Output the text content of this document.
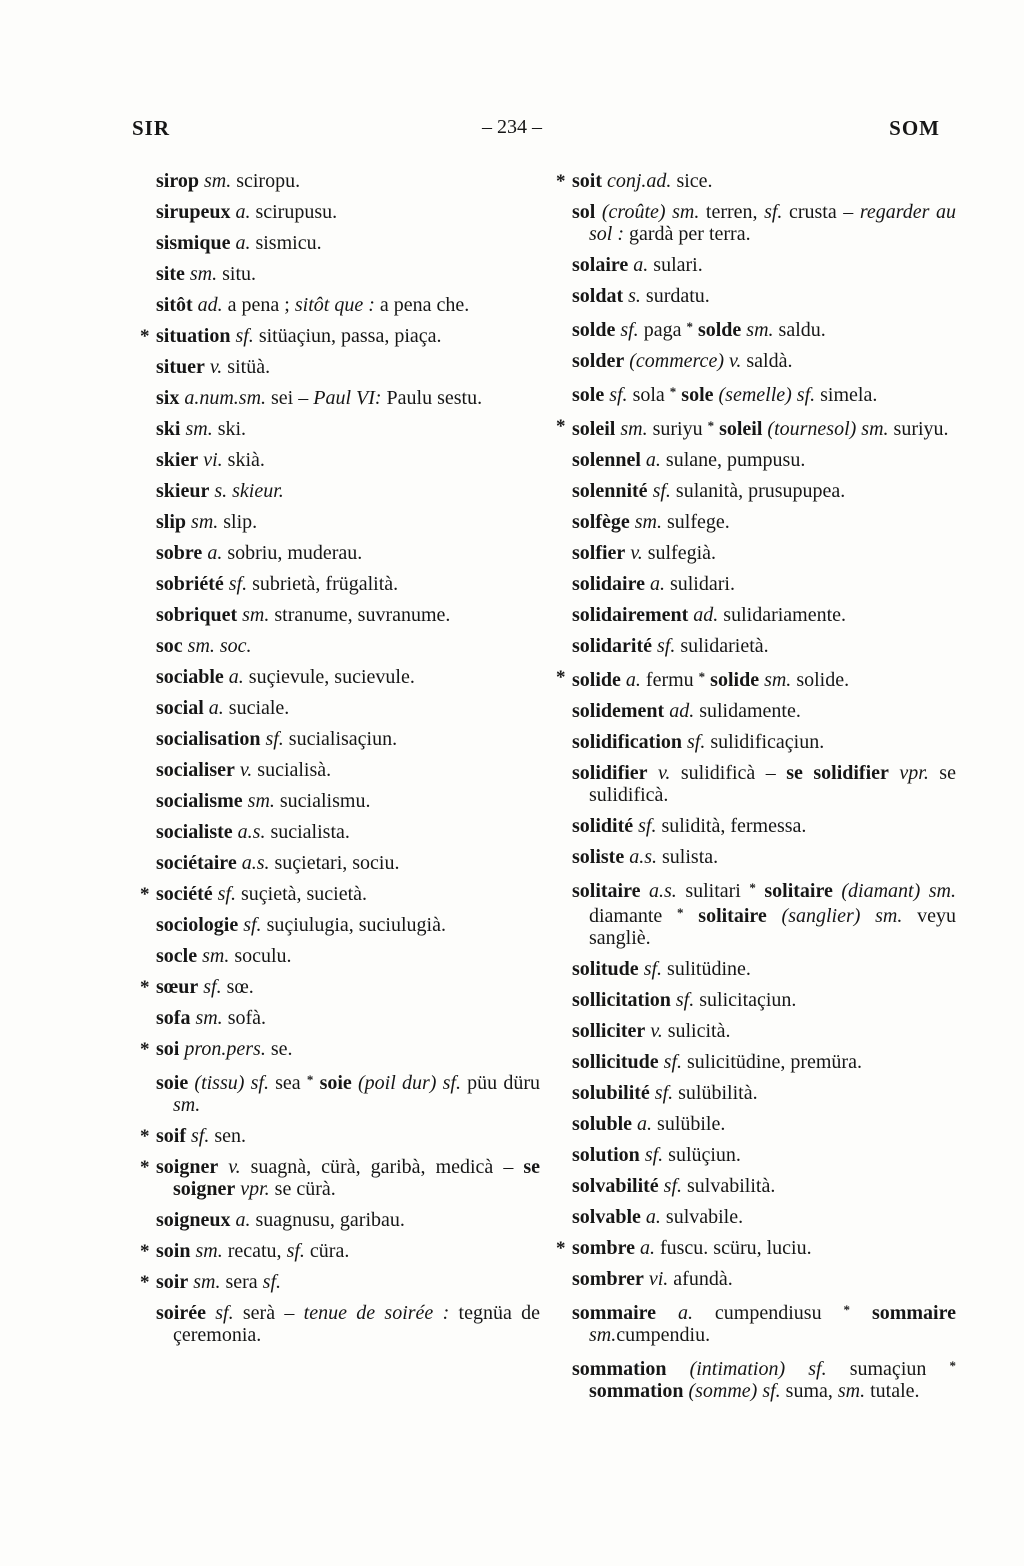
SIR	– 234 –	SOM

sirop sm. sciropu.

sirupeux a. scirupusu.

sismique a. sismicu.

site sm. situ.

sitôt ad. a pena ; sitôt que : a pena che.

* situation sf. sitüaçiun, passa, piaça.

situer v. sitüà.

six a.num.sm. sei – Paul VI: Paulu sestu.

ski sm. ski.

skier vi. skià.

skieur s. skieur.

slip sm. slip.

sobre a. sobriu, muderau.

sobriété sf. subrietà, frügalità.

sobriquet sm. stranume, suvranume.

soc sm. soc.

sociable a. suçievule, sucievule.

social a. suciale.

socialisation sf. sucialisaçiun.

socialiser v. sucialisà.

socialisme sm. sucialismu.

socialiste a.s. sucialista.

sociétaire a.s. suçietari, sociu.

* société sf. suçietà, sucietà.

sociologie sf. suçiulugia, suciulugià.

socle sm. soculu.

* sœur sf. sœ.

sofa sm. sofà.

* soi pron.pers. se.

soie (tissu) sf. sea * soie (poil dur) sf. püu düru sm.

* soif sf. sen.

* soigner v. suagnà, cürà, garibà, medicà – se soigner vpr. se cürà.

soigneux a. suagnusu, garibau.

* soin sm. recatu, sf. cüra.

* soir sm. sera sf.

soirée sf. serà – tenue de soirée : tegnüa de çeremonia.

* soit conj.ad. sice.

sol (croûte) sm. terren, sf. crusta – regarder au sol : gardà per terra.

solaire a. sulari.

soldat s. surdatu.

solde sf. paga * solde sm. saldu.

solder (commerce) v. saldà.

sole sf. sola * sole (semelle) sf. simela.

* soleil sm. suriyu * soleil (tournesol) sm. suriyu.

solennel a. sulane, pumpusu.

solennité sf. sulanità, prusupupea.

solfège sm. sulfege.

solfier v. sulfegià.

solidaire a. sulidari.

solidairement ad. sulidariamente.

solidarité sf. sulidarietà.

* solide a. fermu * solide sm. solide.

solidement ad. sulidamente.

solidification sf. sulidificaçiun.

solidifier v. sulidificà – se solidifier vpr. se sulidificà.

solidité sf. sulidità, fermessa.

soliste a.s. sulista.

solitaire a.s. sulitari * solitaire (diamant) sm. diamante * solitaire (sanglier) sm. veyu sangliè.

solitude sf. sulitüdine.

sollicitation sf. sulicitaçiun.

solliciter v. sulicità.

sollicitude sf. sulicitüdine, premüra.

solubilité sf. sulübilità.

soluble a. sulübile.

solution sf. sulüçiun.

solvabilité sf. sulvabilità.

solvable a. sulvabile.

* sombre a. fuscu. scüru, luciu.

sombrer vi. afundà.

sommaire a. cumpendiusu * sommaire sm.cumpendiu.

sommation (intimation) sf. sumaçiun * sommation (somme) sf. suma, sm. tutale.
